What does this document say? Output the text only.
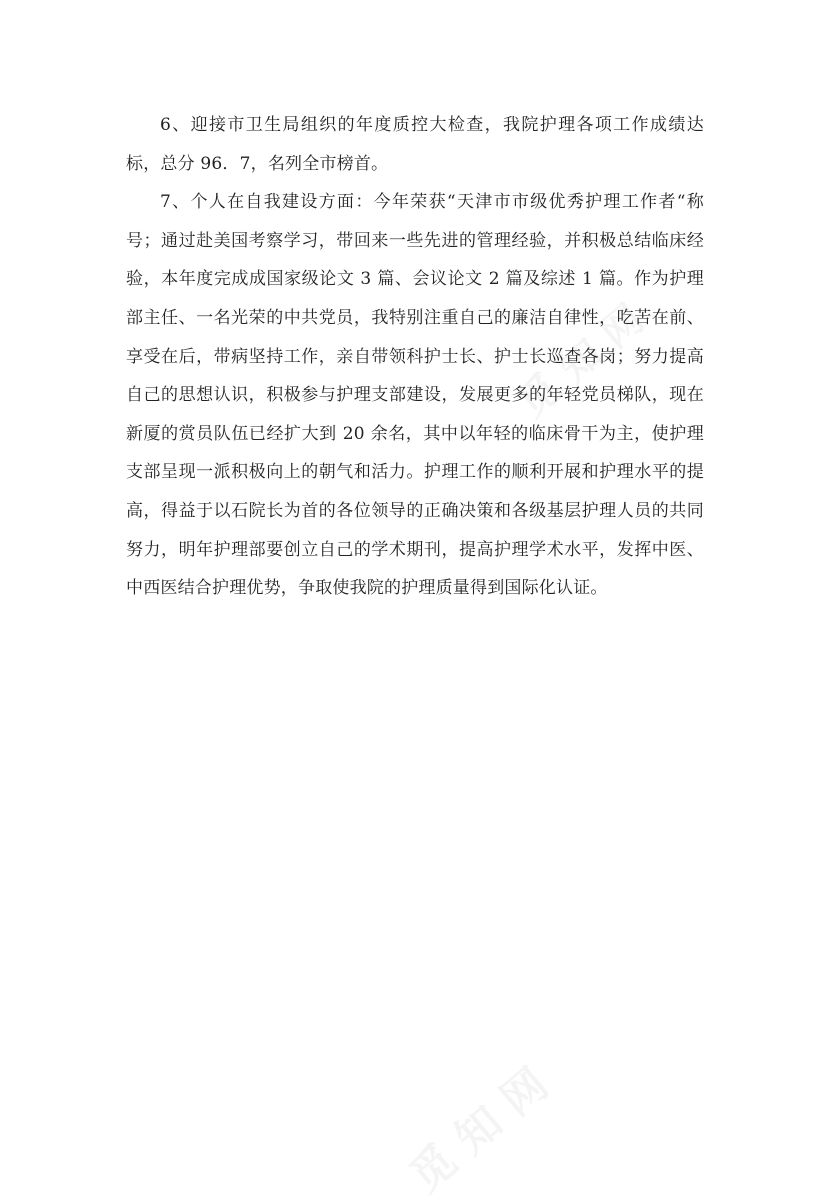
6、迎接市卫生局组织的年度质控大检查，我院护理各项工作成绩达标，总分 96．7，名列全市榜首。

7、个人在自我建设方面：今年荣获“天津市市级优秀护理工作者“称号；通过赴美国考察学习，带回来一些先进的管理经验，并积极总结临床经验，本年度完成成国家级论文 3 篇、会议论文 2 篇及综述 1 篇。作为护理部主任、一名光荣的中共党员，我特别注重自己的廉洁自律性，吃苦在前、享受在后，带病坚持工作，亲自带领科护士长、护士长巡查各岗；努力提高自己的思想认识，积极参与护理支部建设，发展更多的年轻党员梯队，现在新厦的赏员队伍已经扩大到 20 余名，其中以年轻的临床骨干为主，使护理支部呈现一派积极向上的朝气和活力。护理工作的顺利开展和护理水平的提高，得益于以石院长为首的各位领导的正确决策和各级基层护理人员的共同努力，明年护理部要创立自己的学术期刊，提高护理学术水平，发挥中医、中西医结合护理优势，争取使我院的护理质量得到国际化认证。
